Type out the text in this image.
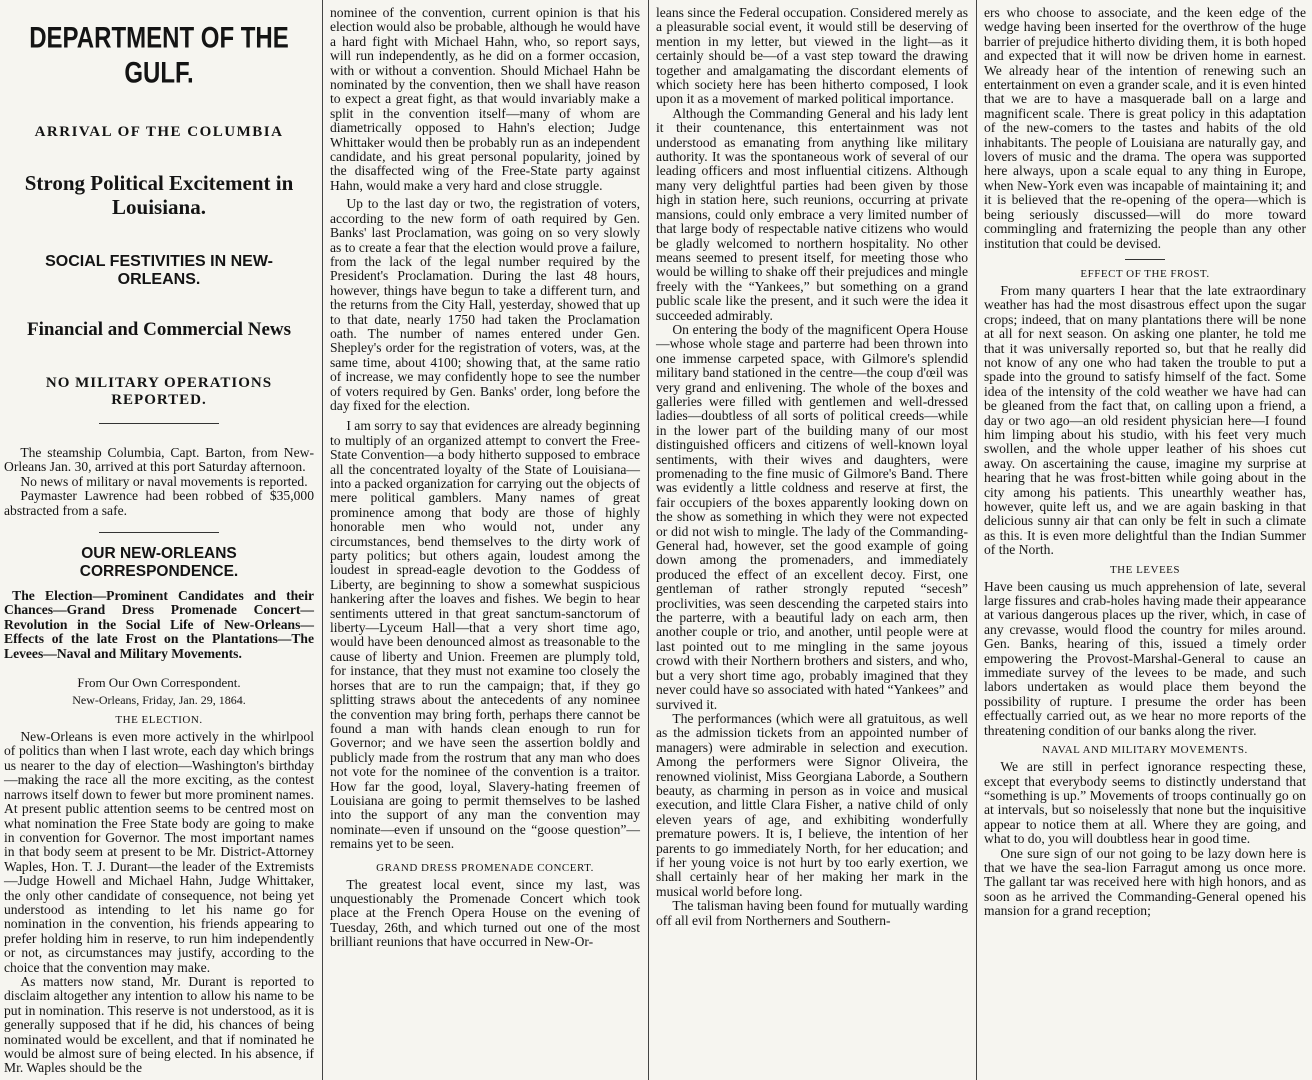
DEPARTMENT OF THE GULF.
ARRIVAL OF THE COLUMBIA
Strong Political Excitement in Louisiana.
SOCIAL FESTIVITIES IN NEW-ORLEANS.
Financial and Commercial News
NO MILITARY OPERATIONS REPORTED.

The steamship Columbia, Capt. Barton, from New-Orleans Jan. 30, arrived at this port Saturday afternoon.

No news of military or naval movements is reported.

Paymaster Lawrence had been robbed of $35,000 abstracted from a safe.

OUR NEW-ORLEANS CORRESPONDENCE.
The Election—Prominent Candidates and their Chances—Grand Dress Promenade Concert—Revolution in the Social Life of New-Orleans—Effects of the late Frost on the Plantations—The Levees—Naval and Military Movements.
From Our Own Correspondent.
New-Orleans, Friday, Jan. 29, 1864.
THE ELECTION.

New-Orleans is even more actively in the whirlpool of politics than when I last wrote, each day which brings us nearer to the day of election—Washington's birthday—making the race all the more exciting, as the contest narrows itself down to fewer but more prominent names. At present public attention seems to be centred most on what nomination the Free State body are going to make in convention for Governor. The most important names in that body seem at present to be Mr. District-Attorney Waples, Hon. T. J. Durant—the leader of the Extremists—Judge Howell and Michael Hahn, Judge Whittaker, the only other candidate of consequence, not being yet understood as intending to let his name go for nomination in the convention, his friends appearing to prefer holding him in reserve, to run him independently or not, as circumstances may justify, according to the choice that the convention may make.

As matters now stand, Mr. Durant is reported to disclaim altogether any intention to allow his name to be put in nomination. This reserve is not understood, as it is generally supposed that if he did, his chances of being nominated would be excellent, and that if nominated he would be almost sure of being elected. In his absence, if Mr. Waples should be the

nominee of the convention, current opinion is that his election would also be probable, although he would have a hard fight with Michael Hahn, who, so report says, will run independently, as he did on a former occasion, with or without a convention. Should Michael Hahn be nominated by the convention, then we shall have reason to expect a great fight, as that would invariably make a split in the convention itself—many of whom are diametrically opposed to Hahn's election; Judge Whittaker would then be probably run as an independent candidate, and his great personal popularity, joined by the disaffected wing of the Free-State party against Hahn, would make a very hard and close struggle.

Up to the last day or two, the registration of voters, according to the new form of oath required by Gen. Banks' last Proclamation, was going on so very slowly as to create a fear that the election would prove a failure, from the lack of the legal number required by the President's Proclamation. During the last 48 hours, however, things have begun to take a different turn, and the returns from the City Hall, yesterday, showed that up to that date, nearly 1750 had taken the Proclamation oath. The number of names entered under Gen. Shepley's order for the registration of voters, was, at the same time, about 4100; showing that, at the same ratio of increase, we may confidently hope to see the number of voters required by Gen. Banks' order, long before the day fixed for the election.

I am sorry to say that evidences are already beginning to multiply of an organized attempt to convert the Free-State Convention—a body hitherto supposed to embrace all the concentrated loyalty of the State of Louisiana—into a packed organization for carrying out the objects of mere political gamblers. Many names of great prominence among that body are those of highly honorable men who would not, under any circumstances, bend themselves to the dirty work of party politics; but others again, loudest among the loudest in spread-eagle devotion to the Goddess of Liberty, are beginning to show a somewhat suspicious hankering after the loaves and fishes. We begin to hear sentiments uttered in that great sanctum-sanctorum of liberty—Lyceum Hall—that a very short time ago, would have been denounced almost as treasonable to the cause of liberty and Union. Freemen are plumply told, for instance, that they must not examine too closely the horses that are to run the campaign; that, if they go splitting straws about the antecedents of any nominee the convention may bring forth, perhaps there cannot be found a man with hands clean enough to run for Governor; and we have seen the assertion boldly and publicly made from the rostrum that any man who does not vote for the nominee of the convention is a traitor. How far the good, loyal, Slavery-hating freemen of Louisiana are going to permit themselves to be lashed into the support of any man the convention may nominate—even if unsound on the “goose question”—remains yet to be seen.

GRAND DRESS PROMENADE CONCERT.

The greatest local event, since my last, was unquestionably the Promenade Concert which took place at the French Opera House on the evening of Tuesday, 26th, and which turned out one of the most brilliant reunions that have occurred in New-Or-

leans since the Federal occupation. Considered merely as a pleasurable social event, it would still be deserving of mention in my letter, but viewed in the light—as it certainly should be—of a vast step toward the drawing together and amalgamating the discordant elements of which society here has been hitherto composed, I look upon it as a movement of marked political importance.

Although the Commanding General and his lady lent it their countenance, this entertainment was not understood as emanating from anything like military authority. It was the spontaneous work of several of our leading officers and most influential citizens. Although many very delightful parties had been given by those high in station here, such reunions, occurring at private mansions, could only embrace a very limited number of that large body of respectable native citizens who would be gladly welcomed to northern hospitality. No other means seemed to present itself, for meeting those who would be willing to shake off their prejudices and mingle freely with the “Yankees,” but something on a grand public scale like the present, and it such were the idea it succeeded admirably.

On entering the body of the magnificent Opera House—whose whole stage and parterre had been thrown into one immense carpeted space, with Gilmore's splendid military band stationed in the centre—the coup d'œil was very grand and enlivening. The whole of the boxes and galleries were filled with gentlemen and well-dressed ladies—doubtless of all sorts of political creeds—while in the lower part of the building many of our most distinguished officers and citizens of well-known loyal sentiments, with their wives and daughters, were promenading to the fine music of Gilmore's Band. There was evidently a little coldness and reserve at first, the fair occupiers of the boxes apparently looking down on the show as something in which they were not expected or did not wish to mingle. The lady of the Commanding-General had, however, set the good example of going down among the promenaders, and immediately produced the effect of an excellent decoy. First, one gentleman of rather strongly reputed “secesh” proclivities, was seen descending the carpeted stairs into the parterre, with a beautiful lady on each arm, then another couple or trio, and another, until people were at last pointed out to me mingling in the same joyous crowd with their Northern brothers and sisters, and who, but a very short time ago, probably imagined that they never could have so associated with hated “Yankees” and survived it.

The performances (which were all gratuitous, as well as the admission tickets from an appointed number of managers) were admirable in selection and execution. Among the performers were Signor Oliveira, the renowned violinist, Miss Georgiana Laborde, a Southern beauty, as charming in person as in voice and musical execution, and little Clara Fisher, a native child of only eleven years of age, and exhibiting wonderfully premature powers. It is, I believe, the intention of her parents to go immediately North, for her education; and if her young voice is not hurt by too early exertion, we shall certainly hear of her making her mark in the musical world before long.

The talisman having been found for mutually warding off all evil from Northerners and Southern-

ers who choose to associate, and the keen edge of the wedge having been inserted for the overthrow of the huge barrier of prejudice hitherto dividing them, it is both hoped and expected that it will now be driven home in earnest. We already hear of the intention of renewing such an entertainment on even a grander scale, and it is even hinted that we are to have a masquerade ball on a large and magnificent scale. There is great policy in this adaptation of the new-comers to the tastes and habits of the old inhabitants. The people of Louisiana are naturally gay, and lovers of music and the drama. The opera was supported here always, upon a scale equal to any thing in Europe, when New-York even was incapable of maintaining it; and it is believed that the re-opening of the opera—which is being seriously discussed—will do more toward commingling and fraternizing the people than any other institution that could be devised.

EFFECT OF THE FROST.

From many quarters I hear that the late extraordinary weather has had the most disastrous effect upon the sugar crops; indeed, that on many plantations there will be none at all for next season. On asking one planter, he told me that it was universally reported so, but that he really did not know of any one who had taken the trouble to put a spade into the ground to satisfy himself of the fact. Some idea of the intensity of the cold weather we have had can be gleaned from the fact that, on calling upon a friend, a day or two ago—an old resident physician here—I found him limping about his studio, with his feet very much swollen, and the whole upper leather of his shoes cut away. On ascertaining the cause, imagine my surprise at hearing that he was frost-bitten while going about in the city among his patients. This unearthly weather has, however, quite left us, and we are again basking in that delicious sunny air that can only be felt in such a climate as this. It is even more delightful than the Indian Summer of the North.

THE LEVEES

Have been causing us much apprehension of late, several large fissures and crab-holes having made their appearance at various dangerous places up the river, which, in case of any crevasse, would flood the country for miles around. Gen. Banks, hearing of this, issued a timely order empowering the Provost-Marshal-General to cause an immediate survey of the levees to be made, and such labors undertaken as would place them beyond the possibility of rupture. I presume the order has been effectually carried out, as we hear no more reports of the threatening condition of our banks along the river.

NAVAL AND MILITARY MOVEMENTS.

We are still in perfect ignorance respecting these, except that everybody seems to distinctly understand that “something is up.” Movements of troops continually go on at intervals, but so noiselessly that none but the inquisitive appear to notice them at all. Where they are going, and what to do, you will doubtless hear in good time.

One sure sign of our not going to be lazy down here is that we have the sea-lion Farragut among us once more. The gallant tar was received here with high honors, and as soon as he arrived the Commanding-General opened his mansion for a grand reception;
